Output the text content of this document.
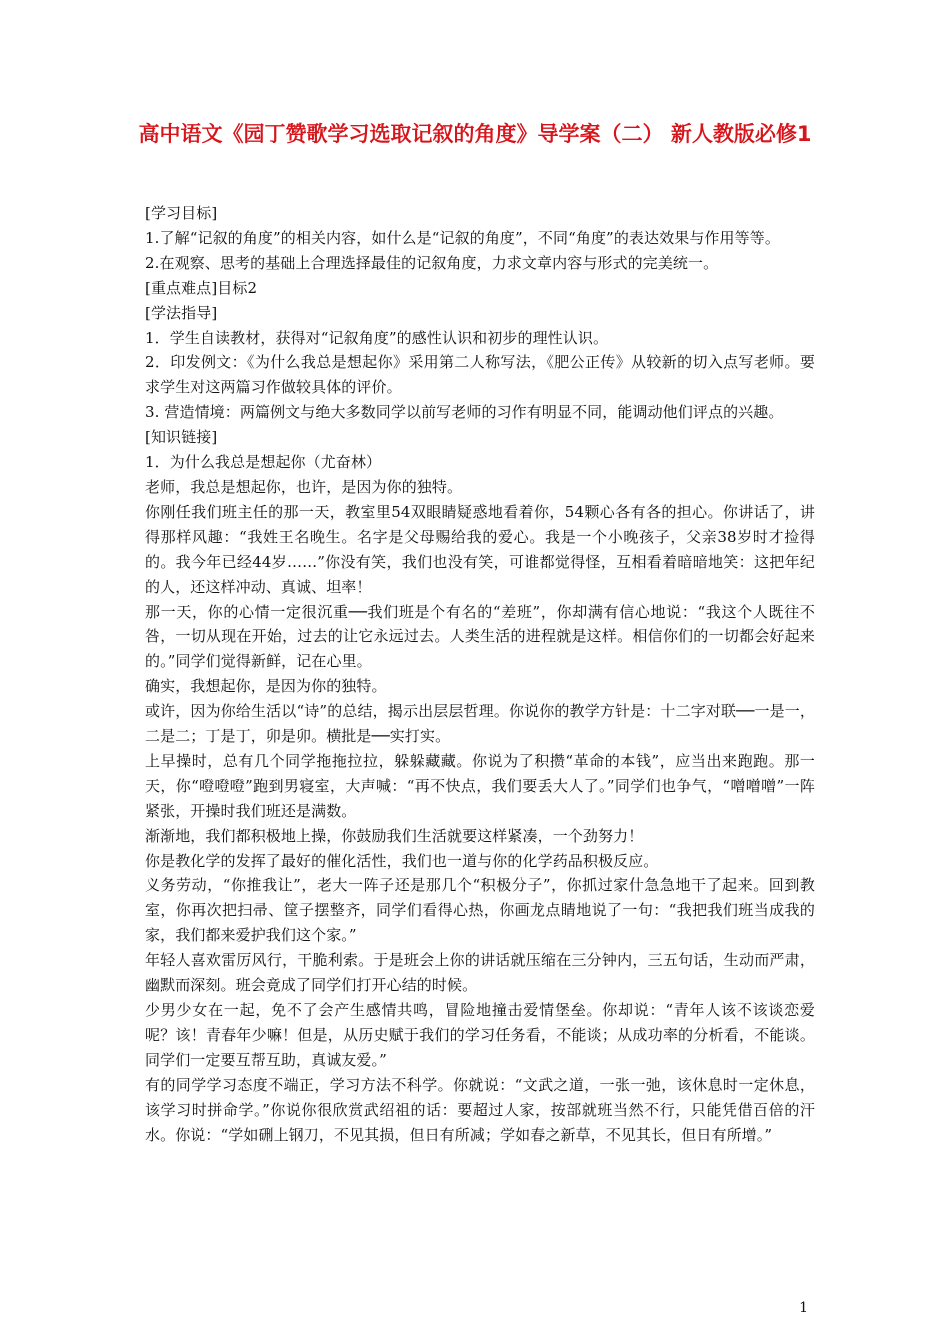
高中语文《园丁赞歌学习选取记叙的角度》导学案（二） 新人教版必修1

[学习目标]

1.了解“记叙的角度”的相关内容，如什么是“记叙的角度”，不同“角度”的表达效果与作用等等。

2.在观察、思考的基础上合理选择最佳的记叙角度，力求文章内容与形式的完美统一。

[重点难点]目标2

[学法指导]

1．学生自读教材，获得对“记叙角度”的感性认识和初步的理性认识。

2．印发例文：《为什么我总是想起你》采用第二人称写法，《肥公正传》从较新的切入点写老师。要求学生对这两篇习作做较具体的评价。

3. 营造情境：两篇例文与绝大多数同学以前写老师的习作有明显不同，能调动他们评点的兴趣。

[知识链接]

1．为什么我总是想起你（尤奋林）

老师，我总是想起你，也许，是因为你的独特。

你刚任我们班主任的那一天，教室里54双眼睛疑惑地看着你，54颗心各有各的担心。你讲话了，讲得那样风趣：“我姓王名晚生。名字是父母赐给我的爱心。我是一个小晚孩子，父亲38岁时才捡得的。我今年已经44岁……”你没有笑，我们也没有笑，可谁都觉得怪，互相看着暗暗地笑：这把年纪的人，还这样冲动、真诚、坦率！

那一天，你的心情一定很沉重──我们班是个有名的“差班”，你却满有信心地说：“我这个人既往不咎，一切从现在开始，过去的让它永远过去。人类生活的进程就是这样。相信你们的一切都会好起来的。”同学们觉得新鲜，记在心里。

确实，我想起你，是因为你的独特。

或许，因为你给生活以“诗”的总结，揭示出层层哲理。你说你的教学方针是：十二字对联──一是一，二是二；丁是丁，卯是卯。横批是──实打实。

上早操时，总有几个同学拖拖拉拉，躲躲藏藏。你说为了积攒“革命的本钱”，应当出来跑跑。那一天，你“噔噔噔”跑到男寝室，大声喊：“再不快点，我们要丢大人了。”同学们也争气，“噌噌噌”一阵紧张，开操时我们班还是满数。

渐渐地，我们都积极地上操，你鼓励我们生活就要这样紧凑，一个劲努力！

你是教化学的发挥了最好的催化活性，我们也一道与你的化学药品积极反应。

义务劳动，“你推我让”，老大一阵子还是那几个“积极分子”，你抓过家什急急地干了起来。回到教室，你再次把扫帚、筐子摆整齐，同学们看得心热，你画龙点睛地说了一句：“我把我们班当成我的家，我们都来爱护我们这个家。”

年轻人喜欢雷厉风行，干脆利索。于是班会上你的讲话就压缩在三分钟内，三五句话，生动而严肃，幽默而深刻。班会竟成了同学们打开心结的时候。

少男少女在一起，免不了会产生感情共鸣，冒险地撞击爱情堡垒。你却说：“青年人该不该谈恋爱呢？该！青春年少嘛！但是，从历史赋于我们的学习任务看，不能谈；从成功率的分析看，不能谈。同学们一定要互帮互助，真诚友爱。”

有的同学学习态度不端正，学习方法不科学。你就说：“文武之道，一张一弛，该休息时一定休息，该学习时拼命学。”你说你很欣赏武绍祖的话：要超过人家，按部就班当然不行，只能凭借百倍的汗水。你说：“学如硎上钢刀，不见其损，但日有所减；学如春之新草，不见其长，但日有所增。”

1
